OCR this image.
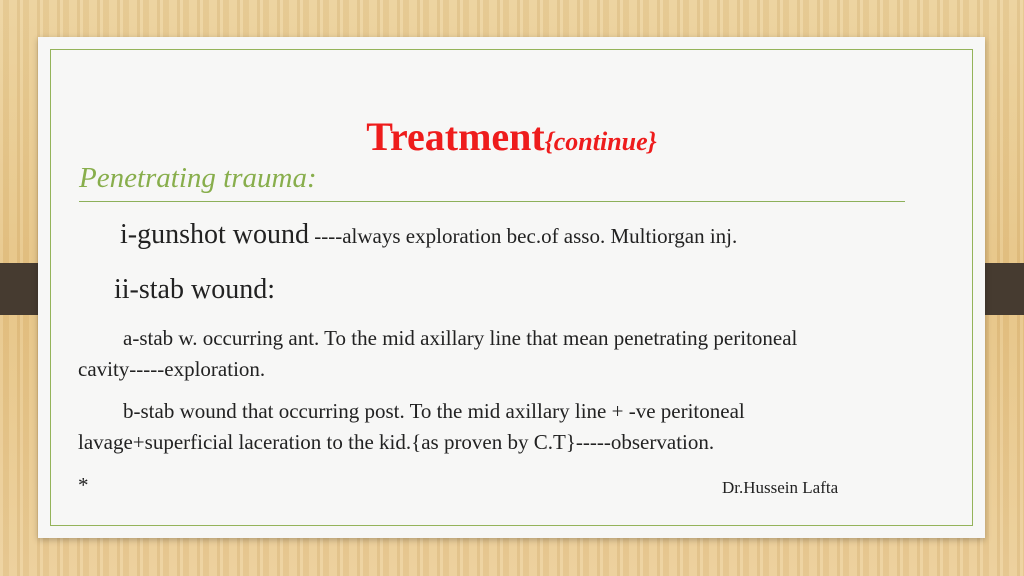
Treatment{continue}
Penetrating trauma:
i-gunshot wound ----always exploration bec.of asso. Multiorgan inj.
ii-stab wound:
a-stab w. occurring ant. To the mid axillary line that mean penetrating peritoneal
cavity-----exploration.
b-stab wound that occurring post. To the mid axillary line + -ve peritoneal
lavage+superficial laceration to the kid.{as proven by C.T}-----observation.
*	Dr.Hussein Lafta
